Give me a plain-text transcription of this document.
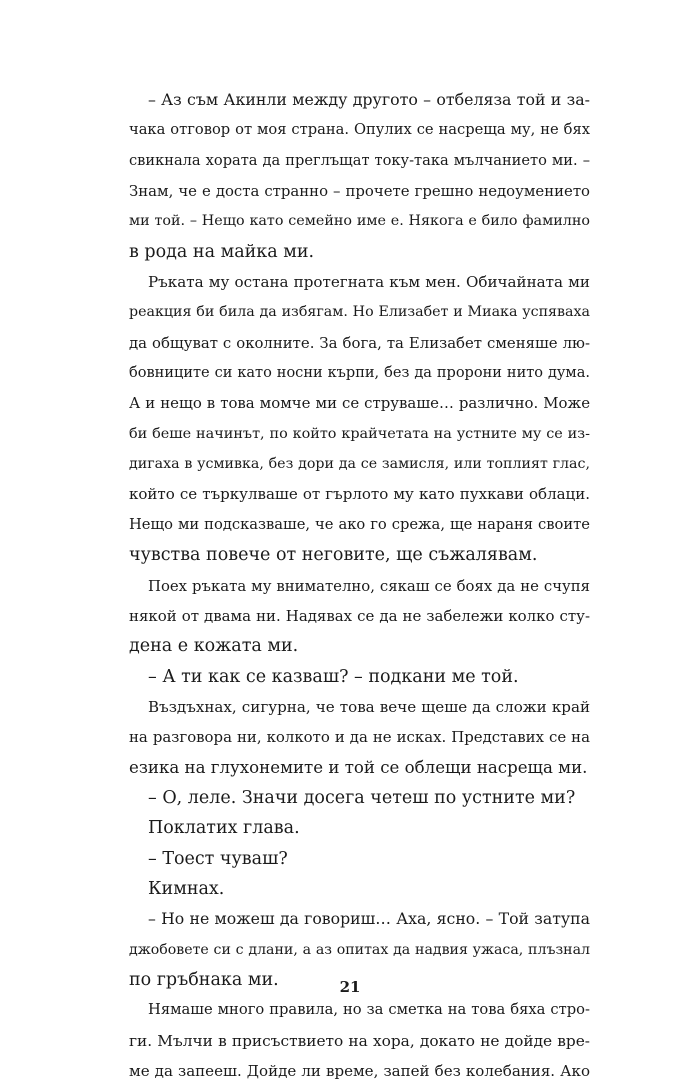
– Аз съм Акинли между другото – отбеляза той и за-
чака отговор от моя страна. Опулих се насреща му, не бях
свикнала хората да преглъщат току-така мълчанието ми. –
Знам, че е доста странно – прочете грешно недоумението
ми той. – Нещо като семейно име е. Някога е било фамилно
в рода на майка ми.
Ръката му остана протегната към мен. Обичайната ми
реакция би била да избягам. Но Елизабет и Миака успяваха
да общуват с околните. За бога, та Елизабет сменяше лю-
бовниците си като носни кърпи, без да пророни нито дума.
А и нещо в това момче ми се струваше… различно. Може
би беше начинът, по който крайчетата на устните му се из-
дигаха в усмивка, без дори да се замисля, или топлият глас,
който се търкулваше от гърлото му като пухкави облаци.
Нещо ми подсказваше, че ако го срежа, ще нараня своите
чувства повече от неговите, ще съжалявам.
Поех ръката му внимателно, сякаш се боях да не счупя
някой от двама ни. Надявах се да не забележи колко сту-
дена е кожата ми.
– А ти как се казваш? – подкани ме той.
Въздъхнах, сигурна, че това вече щеше да сложи край
на разговора ни, колкото и да не исках. Представих се на
езика на глухонемите и той се облещи насреща ми.
– О, леле. Значи досега четеш по устните ми?
Поклатих глава.
– Тоест чуваш?
Кимнах.
– Но не можеш да говориш… Аха, ясно. – Той затупа
джобовете си с длани, а аз опитах да надвия ужаса, плъзнал
по гръбнака ми.
Нямаше много правила, но за сметка на това бяха стро-
ги. Мълчи в присъствието на хора, докато не дойде вре-
ме да запееш. Дойде ли време, запей без колебания. Ако
21
